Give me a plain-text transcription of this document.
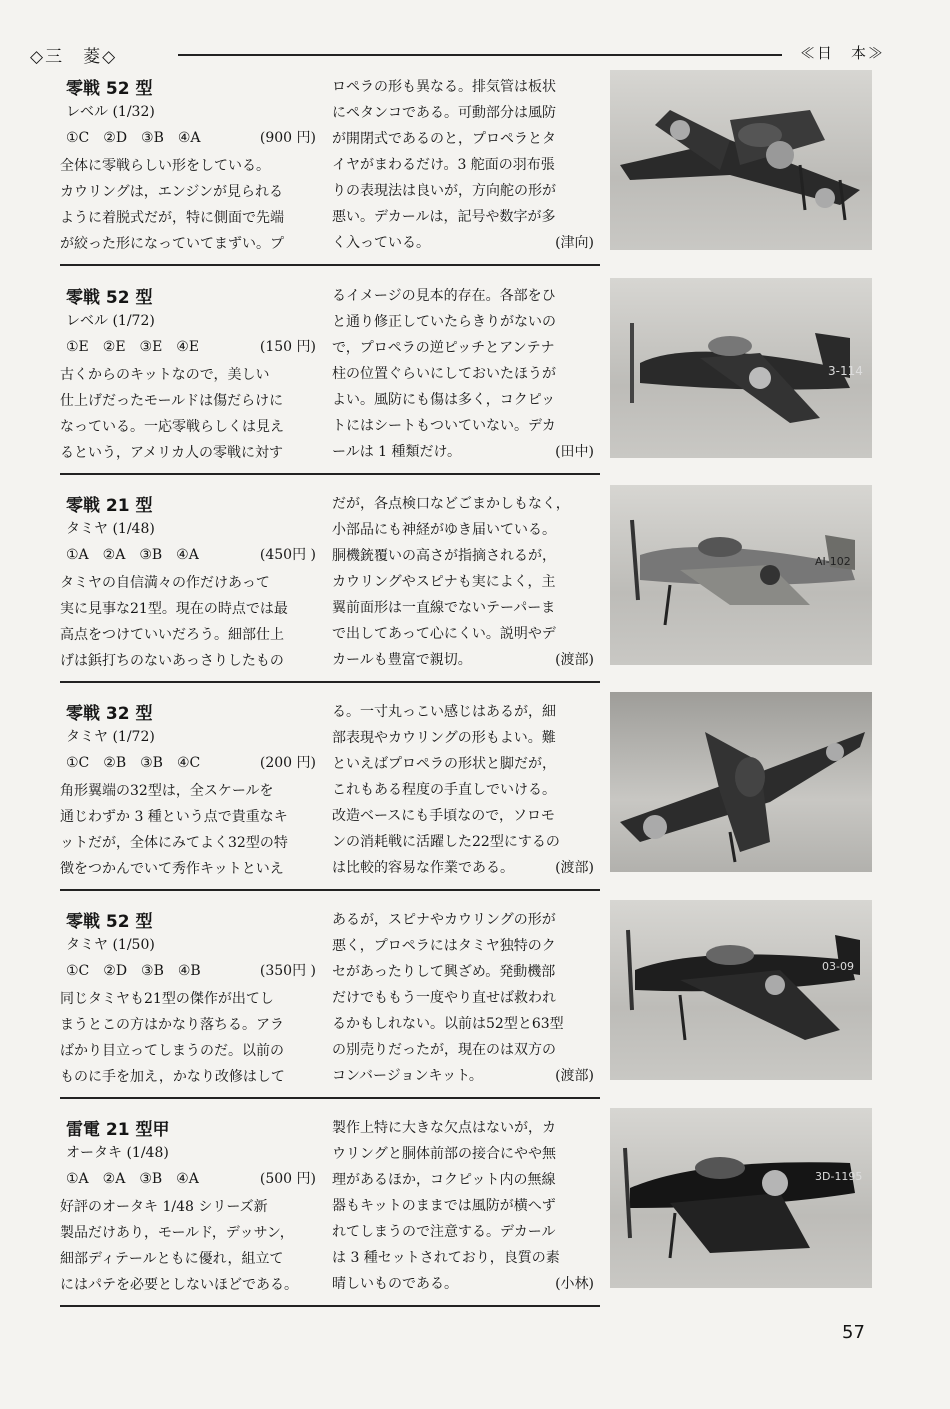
◇三　菱◇	≪日　本≫
零戦 52 型
レベル (1/32)
①C　②D　③B　④A	(900 円)
全体に零戦らしい形をしている。
カウリングは，エンジンが見られる
ように着脱式だが，特に側面で先端
が絞った形になっていてまずい。プ
ロペラの形も異なる。排気管は板状
にペタンコである。可動部分は風防
が開閉式であるのと，プロペラとタ
イヤがまわるだけ。3 舵面の羽布張
りの表現法は良いが，方向舵の形が
悪い。デカールは，記号や数字が多
く入っている。	(津向)
零戦 52 型
レベル (1/72)
①E　②E　③E　④E	(150 円)
古くからのキットなので，美しい
仕上げだったモールドは傷だらけに
なっている。一応零戦らしくは見え
るという，アメリカ人の零戦に対す
るイメージの見本的存在。各部をひ
と通り修正していたらきりがないの
で，プロペラの逆ピッチとアンテナ
柱の位置ぐらいにしておいたほうが
よい。風防にも傷は多く，コクピッ
トにはシートもついていない。デカ
ールは 1 種類だけ。	(田中)
3-114
零戦 21 型
タミヤ (1/48)
①A　②A　③B　④A	(450円 )
タミヤの自信満々の作だけあって
実に見事な21型。現在の時点では最
高点をつけていいだろう。細部仕上
げは鋲打ちのないあっさりしたもの
だが，各点検口などごまかしもなく，
小部品にも神経がゆき届いている。
胴機銃覆いの高さが指摘されるが，
カウリングやスピナも実によく，主
翼前面形は一直線でないテーパーま
で出してあって心にくい。説明やデ
カールも豊富で親切。	(渡部)
AI-102
零戦 32 型
タミヤ (1/72)
①C　②B　③B　④C	(200 円)
角形翼端の32型は，全スケールを
通じわずか 3 種という点で貴重なキ
ットだが，全体にみてよく32型の特
徴をつかんでいて秀作キットといえ
る。一寸丸っこい感じはあるが，細
部表現やカウリングの形もよい。難
といえばプロペラの形状と脚だが，
これもある程度の手直しでいける。
改造ベースにも手頃なので，ソロモ
ンの消耗戦に活躍した22型にするの
は比較的容易な作業である。	(渡部)
零戦 52 型
タミヤ (1/50)
①C　②D　③B　④B	(350円 )
同じタミヤも21型の傑作が出てし
まうとこの方はかなり落ちる。アラ
ばかり目立ってしまうのだ。以前の
ものに手を加え，かなり改修はして
あるが，スピナやカウリングの形が
悪く，プロペラにはタミヤ独特のク
セがあったりして興ざめ。発動機部
だけでももう一度やり直せば救われ
るかもしれない。以前は52型と63型
の別売りだったが，現在のは双方の
コンバージョンキット。	(渡部)
03-09
雷電 21 型甲
オータキ (1/48)
①A　②A　③B　④A	(500 円)
好評のオータキ 1/48 シリーズ新
製品だけあり，モールド，デッサン，
細部ディテールともに優れ，組立て
にはパテを必要としないほどである。
製作上特に大きな欠点はないが，カ
ウリングと胴体前部の接合にやや無
理があるほか，コクピット内の無線
器もキットのままでは風防が横へず
れてしまうので注意する。デカール
は 3 種セットされており，良質の素
晴しいものである。	(小林)
3D-1195
57
